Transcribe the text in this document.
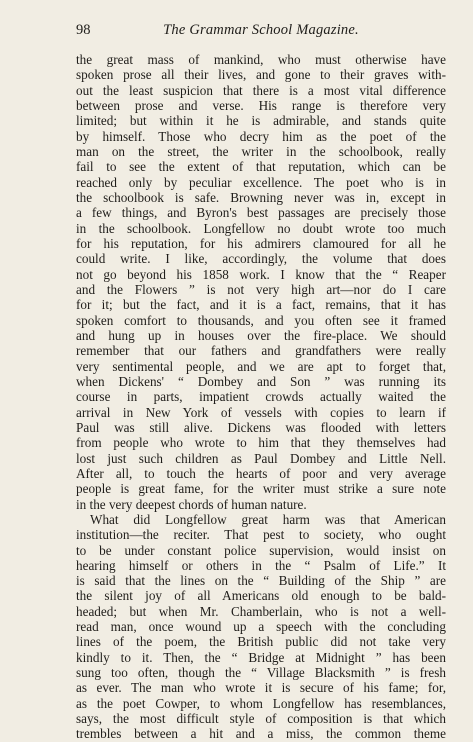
98	The Grammar School Magazine.
the great mass of mankind, who must otherwise have
spoken prose all their lives, and gone to their graves with-
out the least suspicion that there is a most vital difference
between prose and verse. His range is therefore very
limited; but within it he is admirable, and stands quite
by himself. Those who decry him as the poet of the
man on the street, the writer in the schoolbook, really
fail to see the extent of that reputation, which can be
reached only by peculiar excellence. The poet who is in
the schoolbook is safe. Browning never was in, except in
a few things, and Byron's best passages are precisely those
in the schoolbook. Longfellow no doubt wrote too much
for his reputation, for his admirers clamoured for all he
could write. I like, accordingly, the volume that does
not go beyond his 1858 work. I know that the “ Reaper
and the Flowers ” is not very high art—nor do I care
for it; but the fact, and it is a fact, remains, that it has
spoken comfort to thousands, and you often see it framed
and hung up in houses over the fire-place. We should
remember that our fathers and grandfathers were really
very sentimental people, and we are apt to forget that,
when Dickens' “ Dombey and Son ” was running its
course in parts, impatient crowds actually waited the
arrival in New York of vessels with copies to learn if
Paul was still alive. Dickens was flooded with letters
from people who wrote to him that they themselves had
lost just such children as Paul Dombey and Little Nell.
After all, to touch the hearts of poor and very average
people is great fame, for the writer must strike a sure note
in the very deepest chords of human nature.
What did Longfellow great harm was that American
institution—the reciter. That pest to society, who ought
to be under constant police supervision, would insist on
hearing himself or others in the “ Psalm of Life.” It
is said that the lines on the “ Building of the Ship ” are
the silent joy of all Americans old enough to be bald-
headed; but when Mr. Chamberlain, who is not a well-
read man, once wound up a speech with the concluding
lines of the poem, the British public did not take very
kindly to it. Then, the “ Bridge at Midnight ” has been
sung too often, though the “ Village Blacksmith ” is fresh
as ever. The man who wrote it is secure of his fame; for,
as the poet Cowper, to whom Longfellow has resemblances,
says, the most difficult style of composition is that which
trembles between a hit and a miss, the common theme
